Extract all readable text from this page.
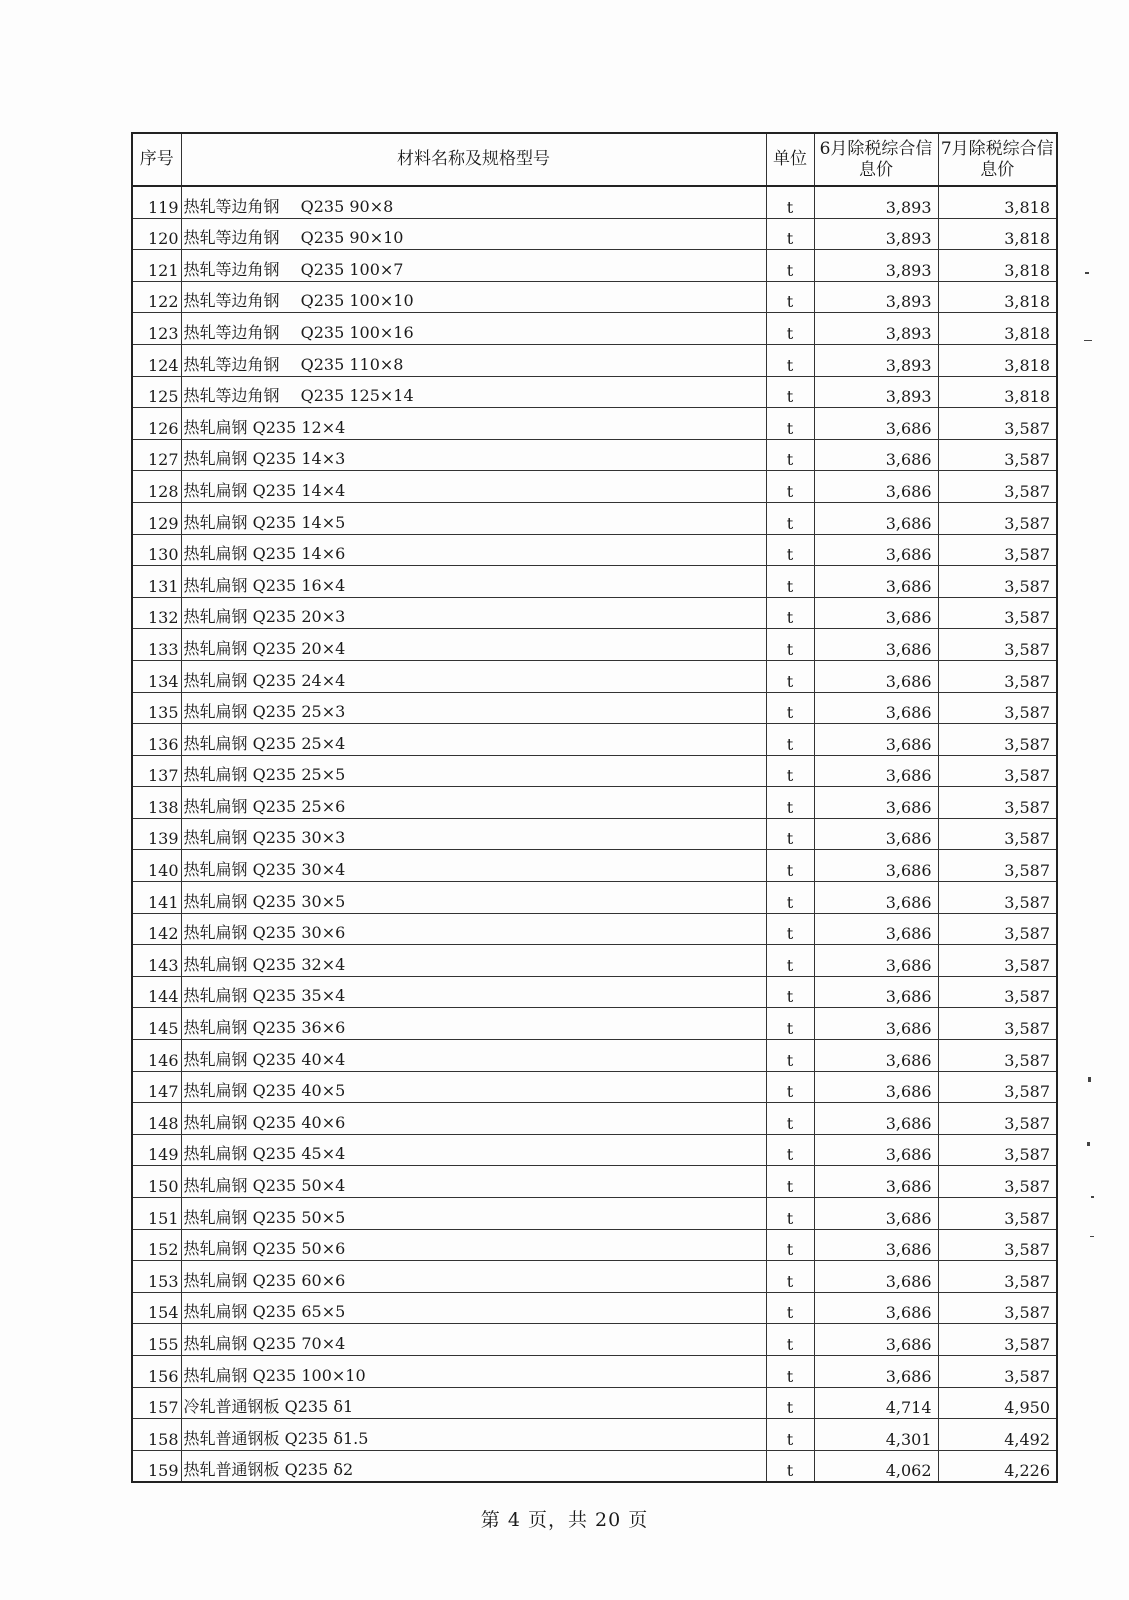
序号	材料名称及规格型号	单位	6月除税综合信息价	7月除税综合信息价
119	热轧等边角钢　 Q235 90×8	t	3,893	3,818
120	热轧等边角钢　 Q235 90×10	t	3,893	3,818
121	热轧等边角钢　 Q235 100×7	t	3,893	3,818
122	热轧等边角钢　 Q235 100×10	t	3,893	3,818
123	热轧等边角钢　 Q235 100×16	t	3,893	3,818
124	热轧等边角钢　 Q235 110×8	t	3,893	3,818
125	热轧等边角钢　 Q235 125×14	t	3,893	3,818
126	热轧扁钢 Q235 12×4	t	3,686	3,587
127	热轧扁钢 Q235 14×3	t	3,686	3,587
128	热轧扁钢 Q235 14×4	t	3,686	3,587
129	热轧扁钢 Q235 14×5	t	3,686	3,587
130	热轧扁钢 Q235 14×6	t	3,686	3,587
131	热轧扁钢 Q235 16×4	t	3,686	3,587
132	热轧扁钢 Q235 20×3	t	3,686	3,587
133	热轧扁钢 Q235 20×4	t	3,686	3,587
134	热轧扁钢 Q235 24×4	t	3,686	3,587
135	热轧扁钢 Q235 25×3	t	3,686	3,587
136	热轧扁钢 Q235 25×4	t	3,686	3,587
137	热轧扁钢 Q235 25×5	t	3,686	3,587
138	热轧扁钢 Q235 25×6	t	3,686	3,587
139	热轧扁钢 Q235 30×3	t	3,686	3,587
140	热轧扁钢 Q235 30×4	t	3,686	3,587
141	热轧扁钢 Q235 30×5	t	3,686	3,587
142	热轧扁钢 Q235 30×6	t	3,686	3,587
143	热轧扁钢 Q235 32×4	t	3,686	3,587
144	热轧扁钢 Q235 35×4	t	3,686	3,587
145	热轧扁钢 Q235 36×6	t	3,686	3,587
146	热轧扁钢 Q235 40×4	t	3,686	3,587
147	热轧扁钢 Q235 40×5	t	3,686	3,587
148	热轧扁钢 Q235 40×6	t	3,686	3,587
149	热轧扁钢 Q235 45×4	t	3,686	3,587
150	热轧扁钢 Q235 50×4	t	3,686	3,587
151	热轧扁钢 Q235 50×5	t	3,686	3,587
152	热轧扁钢 Q235 50×6	t	3,686	3,587
153	热轧扁钢 Q235 60×6	t	3,686	3,587
154	热轧扁钢 Q235 65×5	t	3,686	3,587
155	热轧扁钢 Q235 70×4	t	3,686	3,587
156	热轧扁钢 Q235 100×10	t	3,686	3,587
157	冷轧普通钢板 Q235 δ1	t	4,714	4,950
158	热轧普通钢板 Q235 δ1.5	t	4,301	4,492
159	热轧普通钢板 Q235 δ2	t	4,062	4,226
第 4 页，共 20 页
